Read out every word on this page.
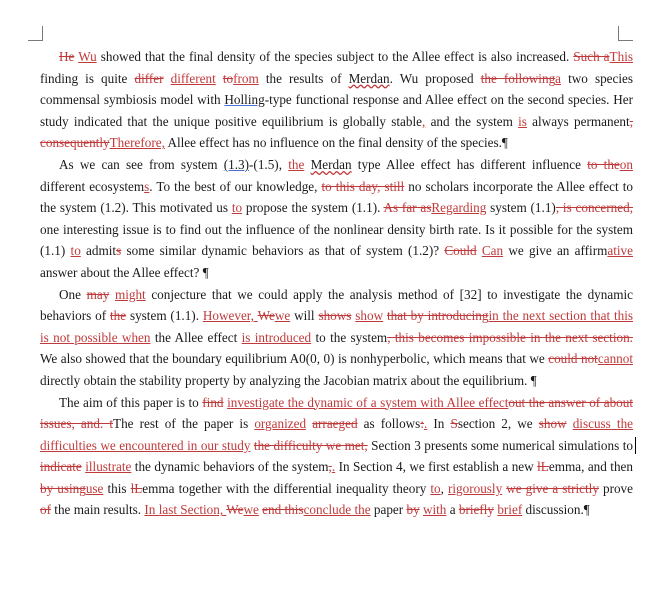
He Wu showed that the final density of the species subject to the Allee effect is also increased. Such aThis finding is quite differ different tofrom the results of Merdan. Wu proposed the followinga two species commensal symbiosis model with Holling-type functional response and Allee effect on the second species. Her study indicated that the unique positive equilibrium is globally stable, and the system is always permanent, consequentlyTherefore, Allee effect has no influence on the final density of the species.¶

As we can see from system (1.3)-(1.5), the Merdan type Allee effect has different influence to theon different ecosystems. To the best of our knowledge, to this day, still no scholars incorporate the Allee effect to the system (1.2). This motivated us to propose the system (1.1). As far asRegarding system (1.1), is concerned, one interesting issue is to find out the influence of the nonlinear density birth rate. Is it possible for the system (1.1) to admits some similar dynamic behaviors as that of system (1.2)? Could Can we give an affirmative answer about the Allee effect? ¶

One may might conjecture that we could apply the analysis method of [32] to investigate the dynamic behaviors of the system (1.1). However, Wewe will shows show that by introducingin the next section that this is not possible when the Allee effect is introduced to the system, this becomes impossible in the next section. We also showed that the boundary equilibrium A0(0, 0) is nonhyperbolic, which means that we could notcannot directly obtain the stability property by analyzing the Jacobian matrix about the equilibrium. ¶

The aim of this paper is to find investigate the dynamic of a system with Allee effectout the answer of about issues, and. tThe rest of the paper is organized arraeged as follows:. In Ssection 2, we show discuss the difficulties we encountered in our study the difficulty we met, Section 3 presents some numerical simulations to indicate illustrate the dynamic behaviors of the system,. In Section 4, we first establish a new lLemma, and then by usinguse this lLemma together with the differential inequality theory to, rigorously we give a strictly prove of the main results. In last Section, Wewe end thisconclude the paper by with a briefly brief discussion.¶
